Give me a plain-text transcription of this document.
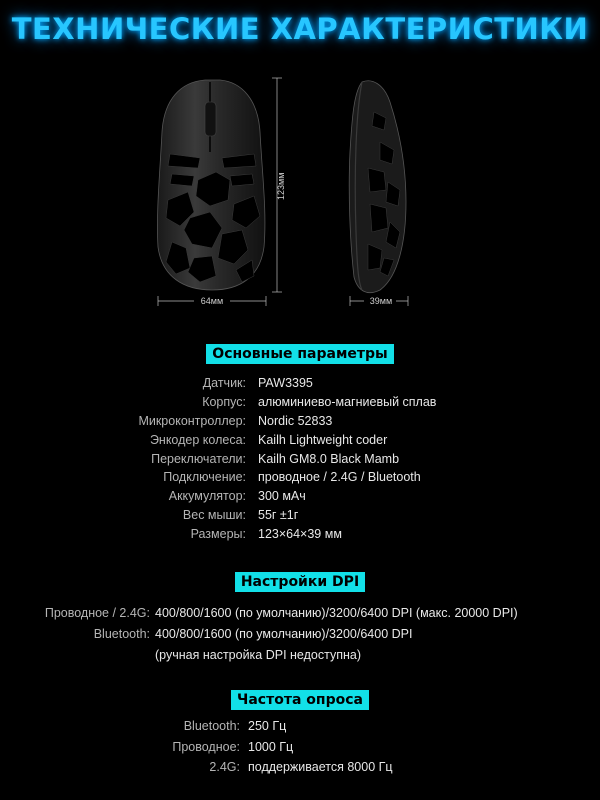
ТЕХНИЧЕСКИЕ ХАРАКТЕРИСТИКИ
123мм
64мм	39мм
Основные параметры
Датчик: PAW3395
Корпус: алюминиево-магниевый сплав
Микроконтроллер: Nordic 52833
Энкодер колеса: Kailh Lightweight coder
Переключатели: Kailh GM8.0 Black Mamb
Подключение: проводное / 2.4G / Bluetooth
Аккумулятор: 300 мАч
Вес мыши: 55г ±1г
Размеры: 123×64×39 мм
Настройки DPI
Проводное / 2.4G: 400/800/1600 (по умолчанию)/3200/6400 DPI (макс. 20000 DPI)
Bluetooth: 400/800/1600 (по умолчанию)/3200/6400 DPI
(ручная настройка DPI недоступна)
Частота опроса
Bluetooth: 250 Гц
Проводное: 1000 Гц
2.4G: поддерживается 8000 Гц
